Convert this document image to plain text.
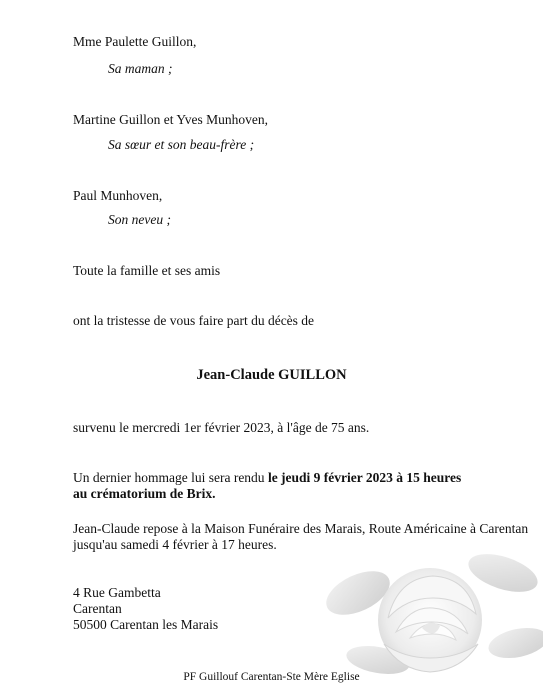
Mme Paulette Guillon,
Sa maman ;
Martine Guillon et Yves Munhoven,
Sa sœur et son beau-frère ;
Paul Munhoven,
Son neveu ;
Toute la famille et ses amis
ont la tristesse de vous faire part du décès de
Jean-Claude GUILLON
survenu le mercredi 1er février 2023, à l'âge de 75 ans.
Un dernier hommage lui sera rendu le jeudi 9 février 2023 à 15 heures
au crématorium de Brix.
Jean-Claude repose à la Maison Funéraire des Marais, Route Américaine à Carentan
jusqu'au samedi 4 février à 17 heures.
4 Rue Gambetta
Carentan
50500 Carentan les Marais
PF Guillouf Carentan-Ste Mère Eglise
